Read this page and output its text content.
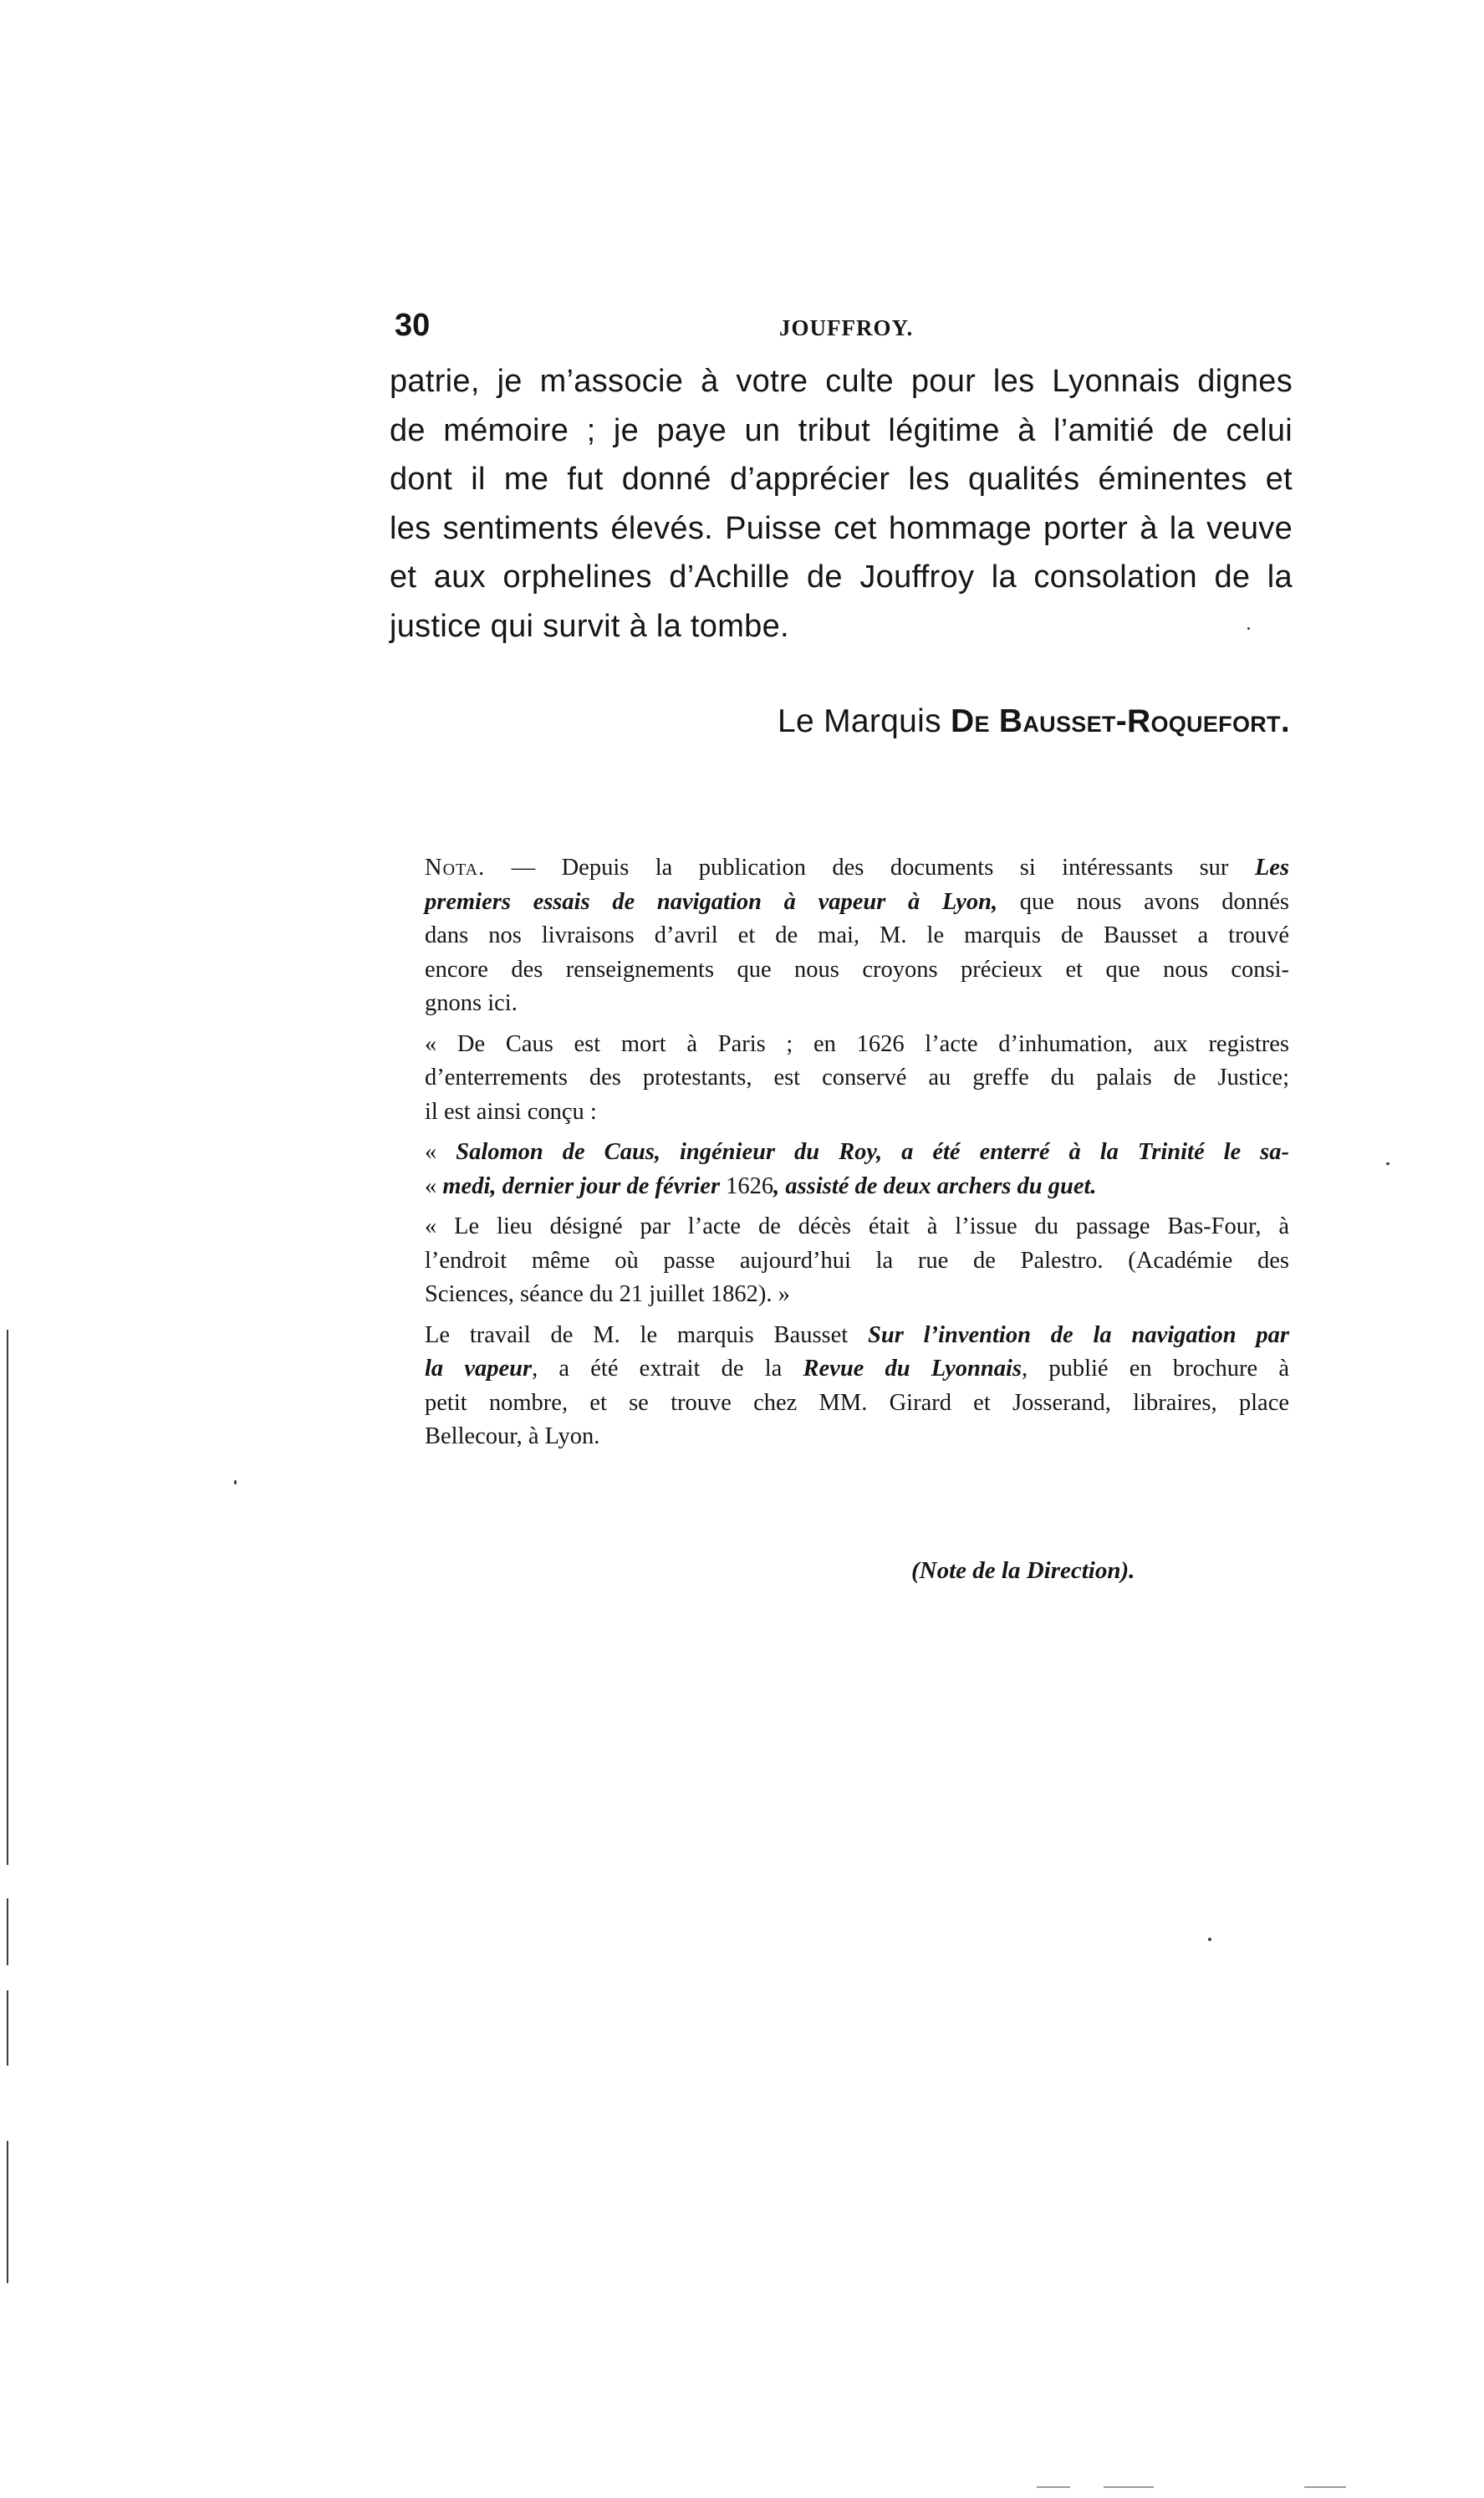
30	JOUFFROY.
patrie, je m’associe à votre culte pour les Lyonnais dignes
de mémoire ; je paye un tribut légitime à l’amitié de celui
dont il me fut donné d’apprécier les qualités éminentes et
les sentiments élevés. Puisse cet hommage porter à la veuve
et aux orphelines d’Achille de Jouffroy la consolation de la
justice qui survit à la tombe.
Le Marquis De Bausset-Roquefort.

Nota. — Depuis la publication des documents si intéressants sur Les
premiers essais de navigation à vapeur à Lyon, que nous avons donnés
dans nos livraisons d’avril et de mai, M. le marquis de Bausset a trouvé
encore des renseignements que nous croyons précieux et que nous consi-
gnons ici.

« De Caus est mort à Paris ; en 1626 l’acte d’inhumation, aux registres
d’enterrements des protestants, est conservé au greffe du palais de Justice;
il est ainsi conçu :

« Salomon de Caus, ingénieur du Roy, a été enterré à la Trinité le sa-
« medi, dernier jour de février 1626, assisté de deux archers du guet.

« Le lieu désigné par l’acte de décès était à l’issue du passage Bas-Four, à
l’endroit même où passe aujourd’hui la rue de Palestro. (Académie des
Sciences, séance du 21 juillet 1862). »

Le travail de M. le marquis Bausset Sur l’invention de la navigation par
la vapeur, a été extrait de la Revue du Lyonnais, publié en brochure à
petit nombre, et se trouve chez MM. Girard et Josserand, libraires, place
Bellecour, à Lyon.

(Note de la Direction).
